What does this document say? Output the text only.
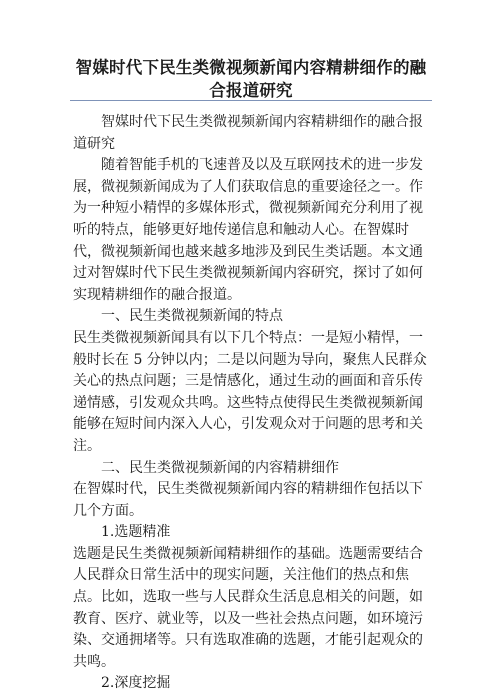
智媒时代下民生类微视频新闻内容精耕细作的融合报道研究

智媒时代下民生类微视频新闻内容精耕细作的融合报道研究

随着智能手机的飞速普及以及互联网技术的进一步发展，微视频新闻成为了人们获取信息的重要途径之一。作为一种短小精悍的多媒体形式，微视频新闻充分利用了视听的特点，能够更好地传递信息和触动人心。在智媒时代，微视频新闻也越来越多地涉及到民生类话题。本文通过对智媒时代下民生类微视频新闻内容研究，探讨了如何实现精耕细作的融合报道。

一、民生类微视频新闻的特点

民生类微视频新闻具有以下几个特点：一是短小精悍，一般时长在 5 分钟以内；二是以问题为导向，聚焦人民群众关心的热点问题；三是情感化，通过生动的画面和音乐传递情感，引发观众共鸣。这些特点使得民生类微视频新闻能够在短时间内深入人心，引发观众对于问题的思考和关注。

二、民生类微视频新闻的内容精耕细作

在智媒时代，民生类微视频新闻内容的精耕细作包括以下几个方面。

1.选题精准

选题是民生类微视频新闻精耕细作的基础。选题需要结合人民群众日常生活中的现实问题，关注他们的热点和焦点。比如，选取一些与人民群众生活息息相关的问题，如教育、医疗、就业等，以及一些社会热点问题，如环境污染、交通拥堵等。只有选取准确的选题，才能引起观众的共鸣。

2.深度挖掘
